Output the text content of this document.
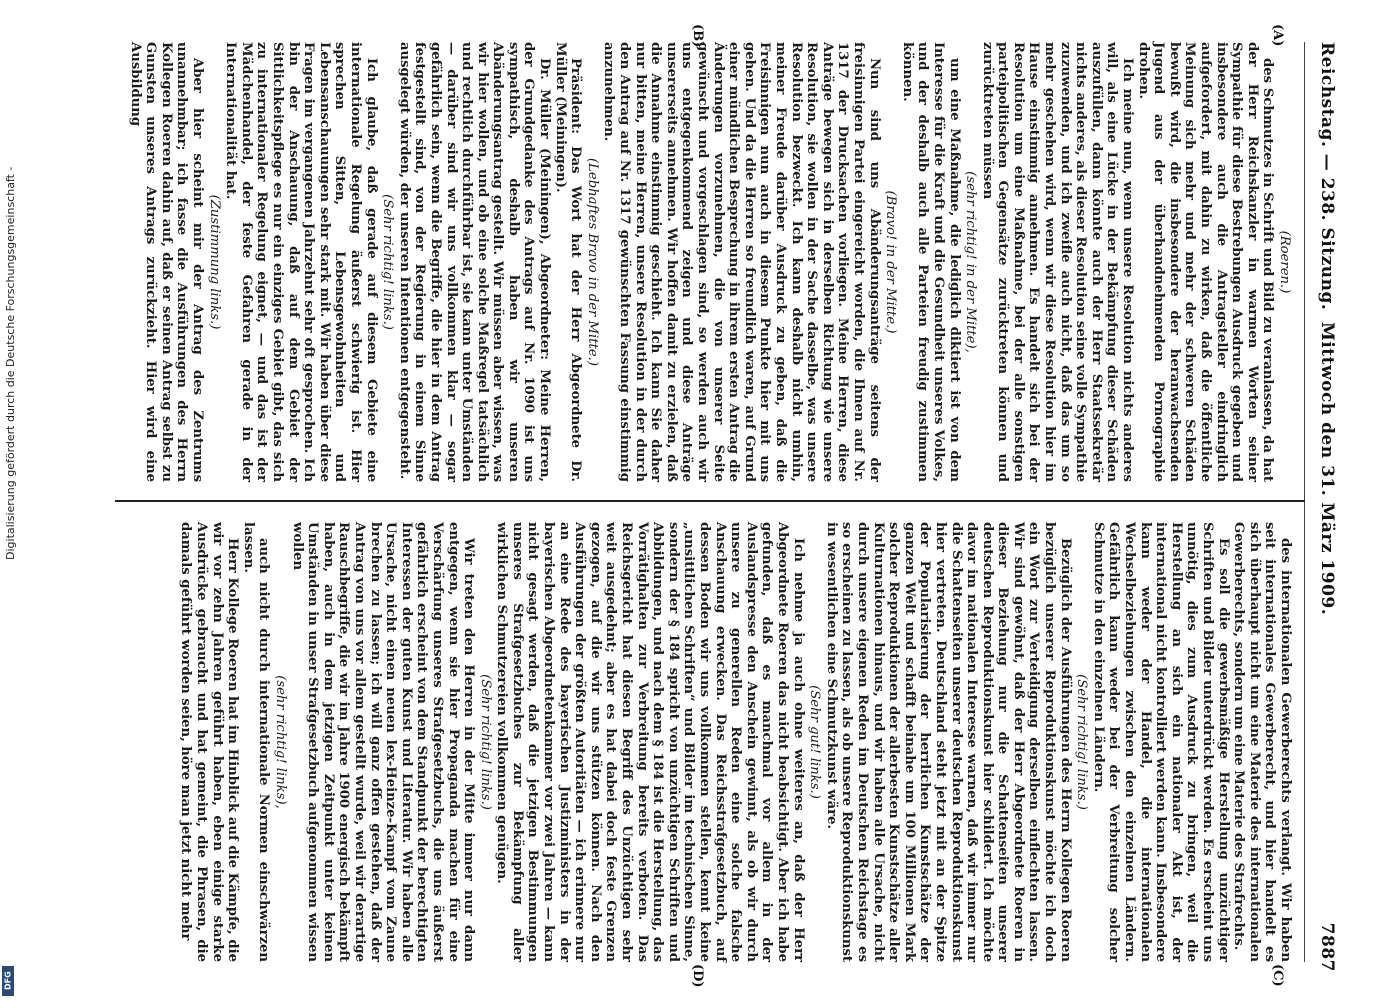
Reichstag. — 238. Sitzung.
Mittwoch den 31. März 1909.
7887
(A)
(B)
(C)
(D)

(Roeren.)

des Schmutzes in Schrift und Bild zu veranlassen, da hat der Herr Reichskanzler in warmen Worten seiner Sympathie für diese Bestrebungen Ausdruck gegeben und insbesondere auch die Antragsteller eindringlich aufgefordert, mit dahin zu wirken, daß die öffentliche Meinung sich mehr und mehr der schweren Schäden bewußt wird, die insbesondere der heranwachsenden Jugend aus der überhandnehmenden Pornographie drohen.

Ich meine nun, wenn unsere Resolution nichts anderes will, als eine Lücke in der Bekämpfung dieser Schäden auszufüllen, dann könnte auch der Herr Staatssekretär nichts anderes, als dieser Resolution seine volle Sympathie zuzuwenden, und ich zweifle auch nicht, daß das um so mehr geschehen wird, wenn wir diese Resolution hier im Hause einstimmig annehmen. Es handelt sich bei der Resolution um eine Maßnahme, bei der alle sonstigen parteipolitischen Gegensätze zurücktreten können und zurücktreten müssen

(sehr richtig! in der Mitte),

um eine Maßnahme, die lediglich diktiert ist von dem Interesse für die Kraft und die Gesundheit unseres Volkes, und der deshalb auch alle Parteien freudig zustimmen können.

(Bravo! in der Mitte.)

Nun sind uns Abänderungsanträge seitens der freisinnigen Partei eingereicht worden, die Ihnen auf Nr. 1317 der Drucksachen vorliegen. Meine Herren, diese Anträge bewegen sich in derselben Richtung wie unsere Resolution, sie wollen in der Sache dasselbe, was unsere Resolution bezweckt. Ich kann deshalb nicht umhin, meiner Freude darüber Ausdruck zu geben, daß die Freisinnigen nun auch in diesem Punkte hier mit uns gehen. Und da die Herren so freundlich waren, auf Grund einer mündlichen Besprechung in ihrem ersten Antrag die Änderungen vorzunehmen, die von unserer Seite gewünscht und vorgeschlagen sind, so werden auch wir uns entgegenkommend zeigen und diese Anträge unsererseits annehmen. Wir hoffen damit zu erzielen, daß die Annahme einstimmig geschieht. Ich kann Sie daher nur bitten, meine Herren, unsere Resolution in der durch den Antrag auf Nr. 1317 gewünschten Fassung einstimmig anzunehmen.

(Lebhaftes Bravo in der Mitte.)

Präsident: Das Wort hat der Herr Abgeordnete Dr. Müller (Meiningen).

Dr. Müller (Meiningen), Abgeordneter: Meine Herren, der Grundgedanke des Antrags auf Nr. 1090 ist uns sympathisch, deshalb haben wir unseren Abänderungsantrag gestellt. Wir müssen aber wissen, was wir hier wollen, und ob eine solche Maßregel tatsächlich und rechtlich durchführbar ist, sie kann unter Umständen — darüber sind wir uns vollkommen klar — sogar gefährlich sein, wenn die Begriffe, die hier in dem Antrag festgestellt sind, von der Regierung in einem Sinne ausgelegt würden, der unseren Intentionen entgegensteht.

(Sehr richtig! links.)

Ich glaube, daß gerade auf diesem Gebiete eine internationale Regelung äußerst schwierig ist. Hier sprechen Sitten, Lebensgewohnheiten und Lebensanschauungen sehr stark mit. Wir haben über diese Fragen im vergangenen Jahrzehnt sehr oft gesprochen. Ich bin der Anschauung, daß auf dem Gebiet der Sittlichkeitspflege es nur ein einziges Gebiet gibt, das sich zu internationaler Regelung eignet, — und das ist der Mädchenhandel, der feste Gefahren gerade in der Internationalität hat.

(Zustimmung links.)

Aber hier scheint mir der Antrag des Zentrums unannehmbar; ich fasse die Ausführungen des Herrn Kollegen Roeren dahin auf, daß er seinen Antrag selbst zu Gunsten unseres Antrags zurückzieht. Hier wird eine Ausbildung

des internationalen Gewerberechts verlangt. Wir haben seit internationales Gewerberecht, und hier handelt es sich überhaupt nicht um eine Materie des internationalen Gewerberechts, sondern um eine Materie des Strafrechts.

Es soll die gewerbsmäßige Herstellung unzüchtiger Schriften und Bilder unterdrückt werden. Es erscheint uns unnötig, dies zum Ausdruck zu bringen, weil die Herstellung an sich ein nationaler Akt ist, der international nicht kontrolliert werden kann. Insbesondere kann weder der Handel, die internationalen Wechselbeziehungen zwischen den einzelnen Ländern. Gefährlich kann weder bei der Verbreitung solcher Schmutze in den einzelnen Ländern.

(Sehr richtig! links.)

Bezüglich der Ausführungen des Herrn Kollegen Roeren bezüglich unserer Reproduktionskunst möchte ich doch ein Wort zur Verteidigung derselben einflechten lassen. Wir sind gewöhnt, daß der Herr Abgeordnete Roeren in dieser Beziehung nur die Schattenseiten unserer deutschen Reproduktionskunst hier schildert. Ich möchte davor im nationalen Interesse warnen, daß wir immer nur die Schattenseiten unserer deutschen Reproduktionskunst hier vertreten. Deutschland steht jetzt mit an der Spitze der Popularisierung der herrlichen Kunstschätze der ganzen Welt und schafft beinahe um 100 Millionen Mark solcher Reproduktionen der allerbesten Kunstschätze aller Kulturnationen hinaus, und wir haben alle Ursache, nicht durch unsere eigenen Reden im Deutschen Reichstage es so erscheinen zu lassen, als ob unsere Reproduktionskunst in wesentlichen eine Schmutzkunst wäre.

(Sehr gut! links.)

Ich nehme ja auch ohne weiteres an, daß der Herr Abgeordnete Roeren das nicht beabsichtigt. Aber ich habe gefunden, daß es manchmal vor allem in der Auslandspresse den Anschein gewinnt, als ob wir durch unsere zu generellen Reden eine solche falsche Anschauung erwecken. Das Reichsstrafgesetzbuch, auf dessen Boden wir uns vollkommen stellen, kennt keine „unsittlichen Schriften“ und Bilder im technischen Sinne, sondern der § 184 spricht von unzüchtigen Schriften und Abbildungen, und nach dem § 184 ist die Herstellung, das Vorrätighalten zur Verbreitung bereits verboten. Das Reichsgericht hat diesen Begriff des Unzüchtigen sehr weit ausgedehnt; aber es hat dabei doch feste Grenzen gezogen, auf die wir uns stützen können. Nach den Ausführungen der größten Autoritäten — ich erinnere nur an eine Rede des bayerischen Justizministers in der bayerischen Abgeordnetenkammer vor zwei Jahren — kann nicht gesagt werden, daß die jetzigen Bestimmungen unseres Strafgesetzbuches zur Bekämpfung aller wirklichen Schmutzereien vollkommen genügen.

(Sehr richtig! links.)

Wir treten den Herren in der Mitte immer nur dann entgegen, wenn sie hier Propaganda machen für eine Verschärfung unseres Strafgesetzbuchs, die uns äußerst gefährlich erscheint von dem Standpunkt der berechtigten Interessen der guten Kunst und Literatur. Wir haben alle Ursache, nicht einen neuen lex-Heinze-Kampf vom Zaune brechen zu lassen; ich will ganz offen gestehen, daß der Antrag von uns vor allem gestellt wurde, weil wir derartige Rauschbegriffe, die wir im Jahre 1900 energisch bekämpft haben, auch in dem jetzigen Zeitpunkt unter keinen Umständen in unser Strafgesetzbuch aufgenommen wissen wollen

(sehr richtig! links),

auch nicht durch internationale Normen einschwärzen lassen.

Herr Kollege Roeren hat im Hinblick auf die Kämpfe, die wir vor zehn Jahren geführt haben, eben einige starke Ausdrücke gebraucht und hat gemeint, die Phrasen, die damals geführt worden seien, höre man jetzt nicht mehr

Digitalisierung gefördert durch die Deutsche Forschungsgemeinschaft -
DFG
